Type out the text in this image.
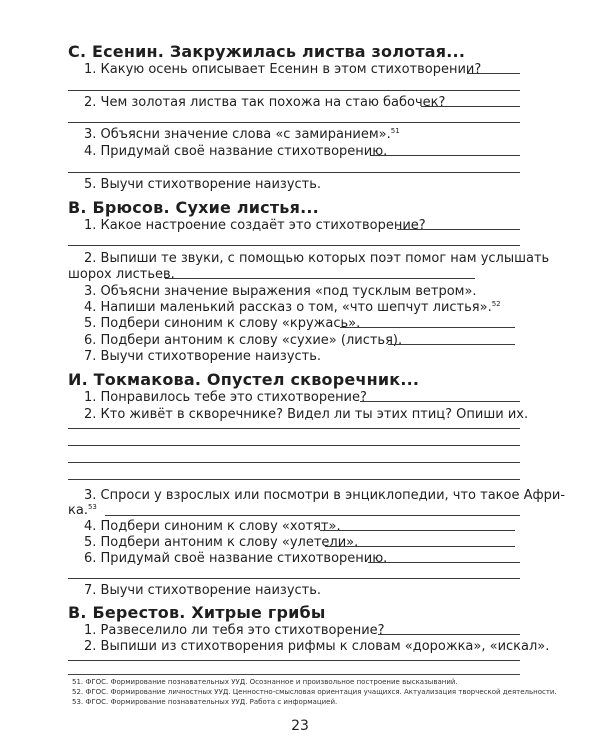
С. Есенин. Закружилась листва золотая...
1. Какую осень описывает Есенин в этом стихотворении?
2. Чем золотая листва так похожа на стаю бабочек?
3. Объясни значение слова «с замиранием».$^{51}$
4. Придумай своё название стихотворению.
5. Выучи стихотворение наизусть.
В. Брюсов. Сухие листья...
1. Какое настроение создаёт это стихотворение?
2. Выпиши те звуки, с помощью которых поэт помог нам услышать
шорох листьев.
3. Объясни значение выражения «под тусклым ветром».
4. Напиши маленький рассказ о том, «что шепчут листья».$^{52}$
5. Подбери синоним к слову «кружась».
6. Подбери антоним к слову «сухие» (листья).
7. Выучи стихотворение наизусть.
И. Токмакова. Опустел скворечник...
1. Понравилось тебе это стихотворение?
2. Кто живёт в скворечнике? Видел ли ты этих птиц? Опиши их.
3. Спроси у взрослых или посмотри в энциклопедии, что такое Афри-
ка.$^{53}$
4. Подбери синоним к слову «хотят».
5. Подбери антоним к слову «улетели».
6. Придумай своё название стихотворению.
7. Выучи стихотворение наизусть.
В. Берестов. Хитрые грибы
1. Развеселило ли тебя это стихотворение?
2. Выпиши из стихотворения рифмы к словам «дорожка», «искал».
51. ФГОС. Формирование познавательных УУД. Осознанное и произвольное построение высказываний.
52. ФГОС. Формирование личностных УУД. Ценностно-смысловая ориентация учащихся. Актуализация творческой деятельности.
53. ФГОС. Формирование познавательных УУД. Работа с информацией.
23
